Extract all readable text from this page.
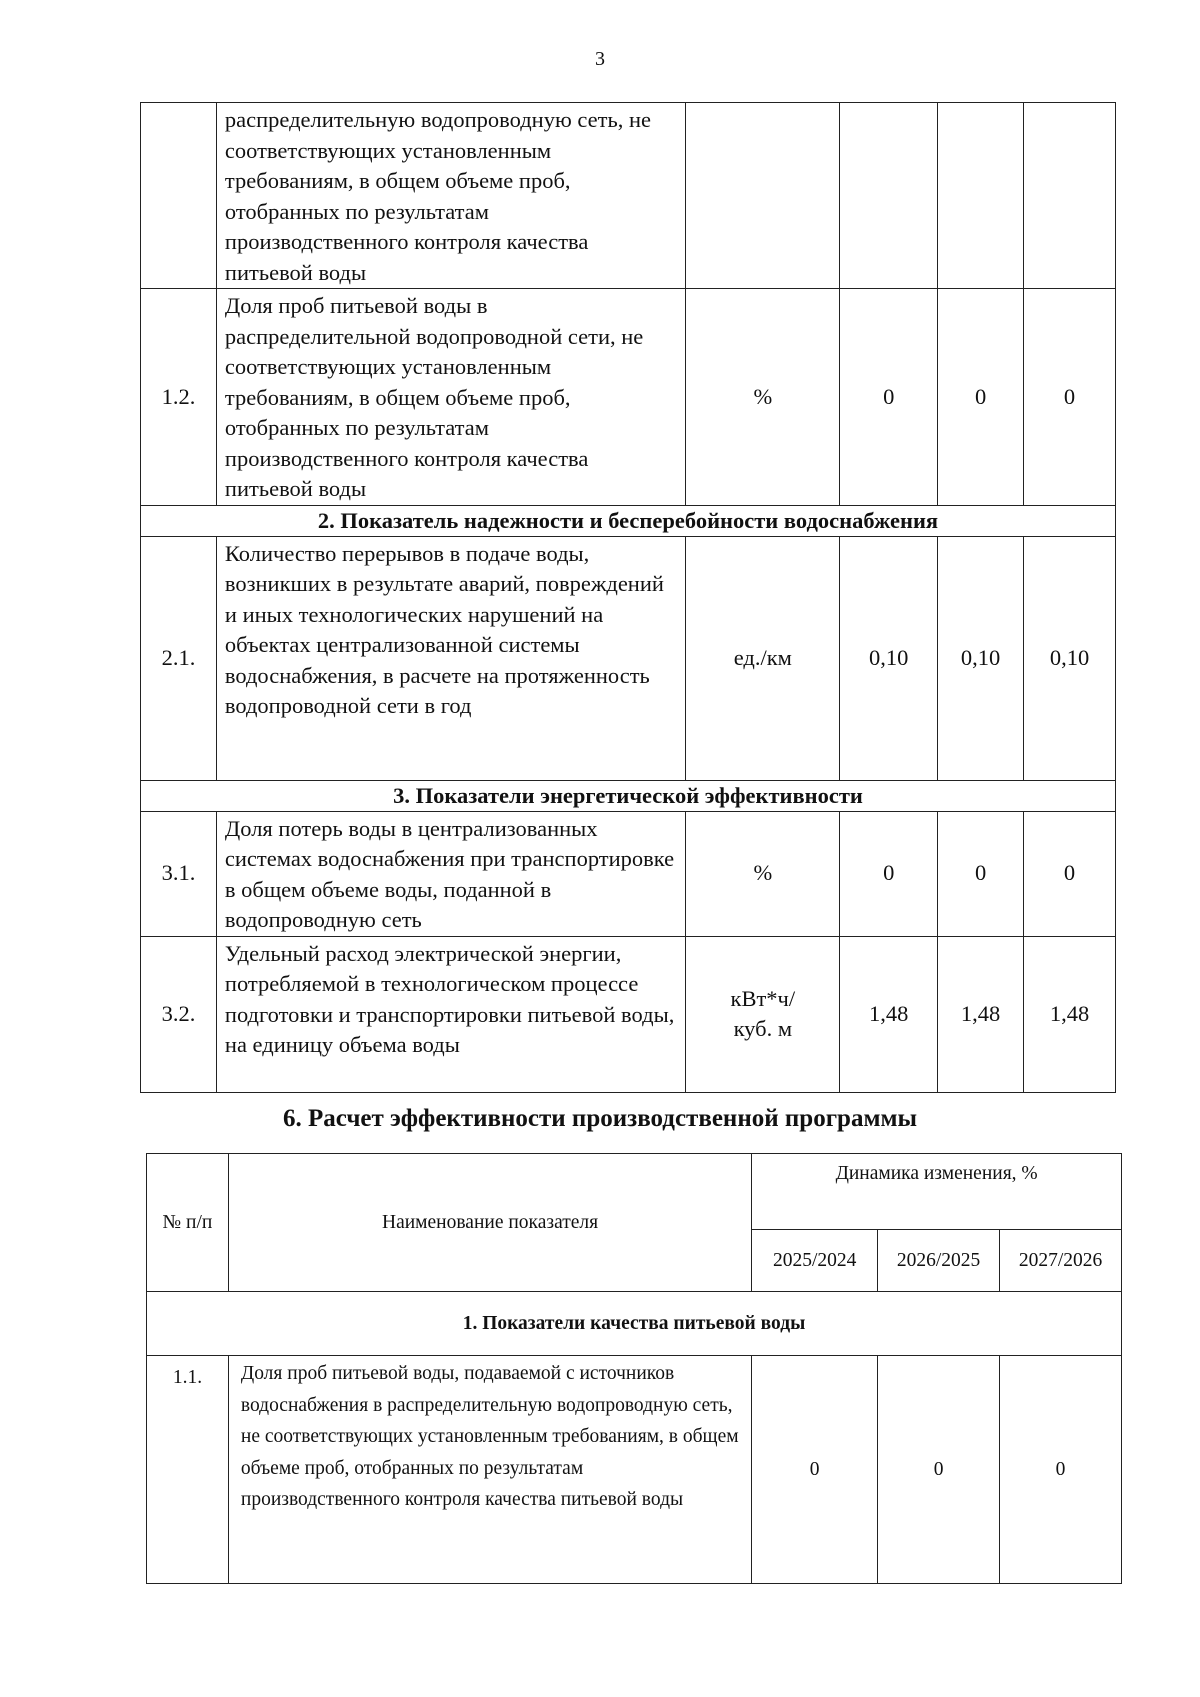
3
	распределительную водопроводную сеть, не соответствующих установленным требованиям, в общем объеме проб, отобранных по результатам производственного контроля качества питьевой воды				
1.2.	Доля проб питьевой воды в распределительной водопроводной сети, не соответствующих установленным требованиям, в общем объеме проб, отобранных по результатам производственного контроля качества питьевой воды	%	0	0	0
2. Показатель надежности и бесперебойности водоснабжения					
2.1.	Количество перерывов в подаче воды, возникших в результате аварий, повреждений и иных технологических нарушений на объектах централизованной системы водоснабжения, в расчете на протяженность водопроводной сети в год	ед./км	0,10	0,10	0,10
3. Показатели энергетической эффективности					
3.1.	Доля потерь воды в централизованных системах водоснабжения при транспортировке в общем объеме воды, поданной в водопроводную сеть	%	0	0	0
3.2.	Удельный расход электрической энергии, потребляемой в технологическом процессе подготовки и транспортировки питьевой воды, на единицу объема воды	кВт*ч/ куб. м	1,48	1,48	1,48
6. Расчет эффективности производственной программы
№ п/п	Наименование показателя	Динамика изменения, %		
		2025/2024	2026/2025	2027/2026
1. Показатели качества питьевой воды				
1.1.	Доля проб питьевой воды, подаваемой с источников водоснабжения в распределительную водопроводную сеть, не соответствующих установленным требованиям, в общем объеме проб, отобранных по результатам производственного контроля качества питьевой воды	0	0	0
